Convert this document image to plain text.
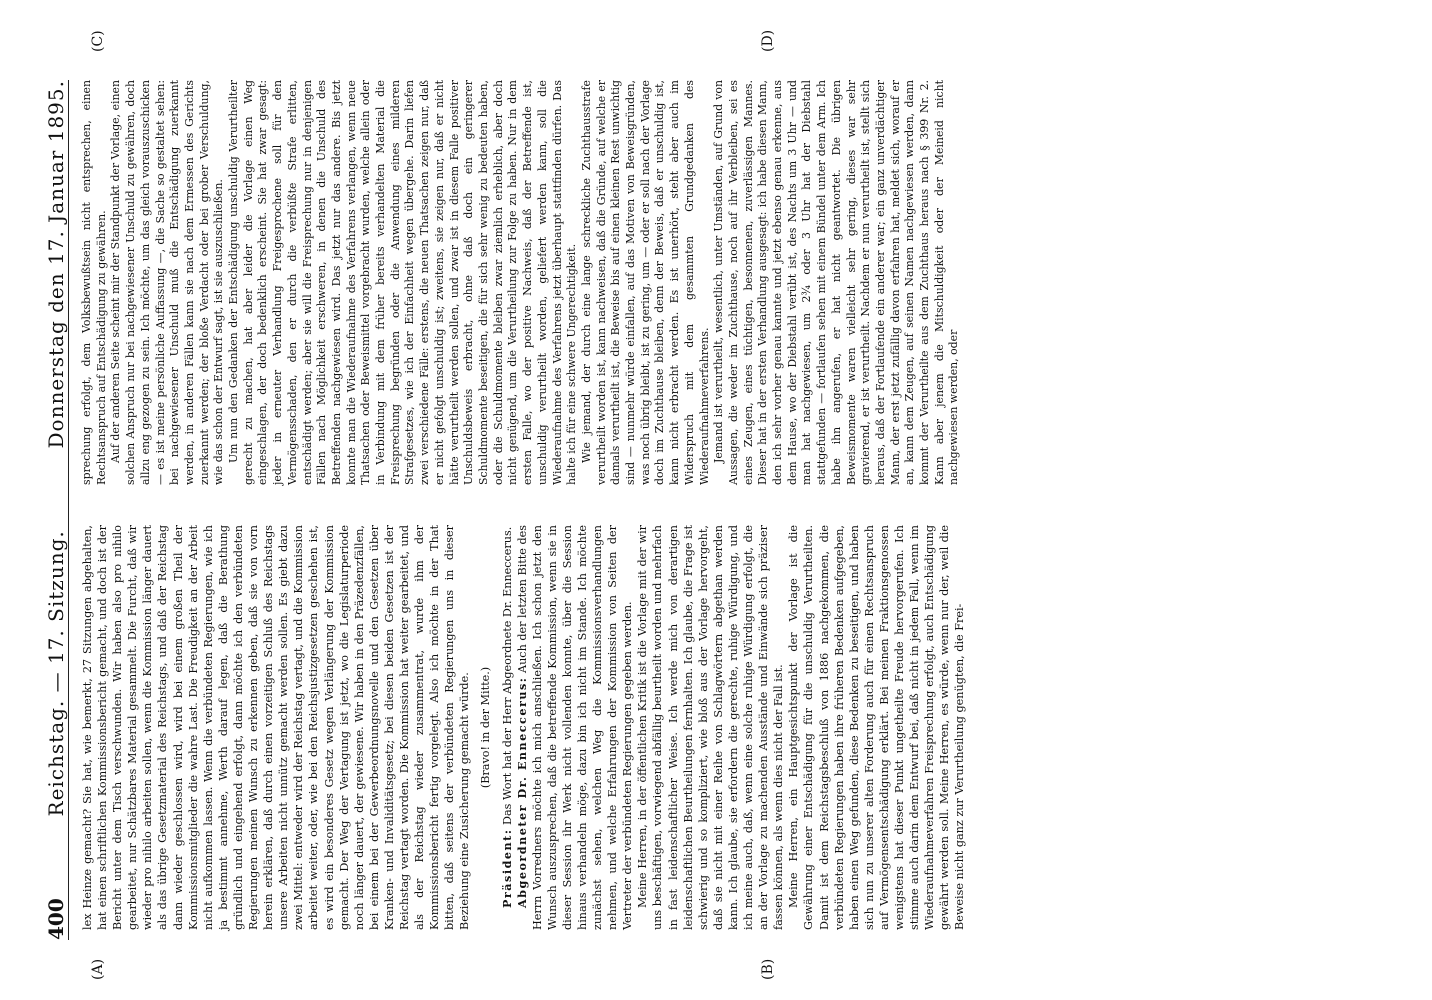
400
Reichstag. — 17. Sitzung.
Donnerstag den 17. Januar 1895.
(A)	(B)
(C)	(D)

lex Heinze gemacht? Sie hat, wie bemerkt, 27 Sitzungen abgehalten, hat einen schriftlichen Kommissionsbericht gemacht, und doch ist der Bericht unter dem Tisch verschwunden. Wir haben also pro nihilo gearbeitet, nur Schätzbares Material gesammelt. Die Furcht, daß wir wieder pro nihilo arbeiten sollen, wenn die Kommission länger dauert als das übrige Gesetzmaterial des Reichstags, und daß der Reichstag dann wieder geschlossen wird, wird bei einem großen Theil der Kommissionsmitglieder die wahre Last. Die Freudigkeit an der Arbeit nicht aufkommen lassen. Wenn die verbündeten Regierungen, wie ich ja bestimmt annehme, Werth darauf legen, daß die Berathung gründlich und eingehend erfolgt, dann möchte ich den verbündeten Regierungen meinen Wunsch zu erkennen geben, daß sie von vorn herein erklären, daß durch einen vorzeitigen Schluß des Reichstags unsere Arbeiten nicht unnütz gemacht werden sollen. Es giebt dazu zwei Mittel: entweder wird der Reichstag vertagt, und die Kommission arbeitet weiter, oder, wie bei den Reichsjustizgesetzen geschehen ist, es wird ein besonderes Gesetz wegen Verlängerung der Kommission gemacht. Der Weg der Vertagung ist jetzt, wo die Legislaturperiode noch länger dauert, der gewiesene. Wir haben in den Präzedenzfällen, bei einem bei der Gewerbeordnungsnovelle und den Gesetzen über Kranken- und Invaliditätsgesetz; bei diesen beiden Gesetzen ist der Reichstag vertagt worden. Die Kommission hat weiter gearbeitet, und als der Reichstag wieder zusammentrat, wurde ihm der Kommissionsbericht fertig vorgelegt. Also ich möchte in der That bitten, daß seitens der verbündeten Regierungen uns in dieser Beziehung eine Zusicherung gemacht würde. (Bravo! in der Mitte.)

Präsident: Das Wort hat der Herr Abgeordnete Dr. Enneccerus. Abgeordneter Dr. Enneccerus: Auch der letzten Bitte des Herrn Vorredners möchte ich mich anschließen. Ich schon jetzt den Wunsch auszusprechen, daß die betreffende Kommission, wenn sie in dieser Session ihr Werk nicht vollenden konnte, über die Session hinaus verhandeln möge, dazu bin ich nicht im Stande. Ich möchte zunächst sehen, welchen Weg die Kommissionsverhandlungen nehmen, und welche Erfahrungen der Kommission von Seiten der Vertreter der verbündeten Regierungen gegeben werden. Meine Herren, in der öffentlichen Kritik ist die Vorlage mit der wir uns beschäftigen, vorwiegend abfällig beurtheilt worden und mehrfach in fast leidenschaftlicher Weise. Ich werde mich von derartigen leidenschaftlichen Beurtheilungen fernhalten. Ich glaube, die Frage ist schwierig und so kompliziert, wie bloß aus der Vorlage hervorgeht, daß sie nicht mit einer Reihe von Schlagwörtern abgethan werden kann. Ich glaube, sie erfordern die gerechte, ruhige Würdigung, und ich meine auch, daß, wenn eine solche ruhige Würdigung erfolgt, die an der Vorlage zu machenden Ausstände und Einwände sich präziser fassen können, als wenn dies nicht der Fall ist. Meine Herren, ein Hauptgesichtspunkt der Vorlage ist die Gewährung einer Entschädigung für die unschuldig Verurtheilten. Damit ist dem Reichstagsbeschluß von 1886 nachgekommen, die verbündeten Regierungen haben ihre früheren Bedenken aufgegeben, haben einen Weg gefunden, diese Bedenken zu beseitigen, und haben sich nun zu unserer alten Forderung auch für einen Rechtsanspruch auf Vermögensentschädigung erklärt. Bei meinen Fraktionsgenossen wenigstens hat dieser Punkt ungetheilte Freude hervorgerufen. Ich stimme auch darin dem Entwurf bei, daß nicht in jedem Fall, wenn im Wiederaufnahmeverfahren Freisprechung erfolgt, auch Entschädigung gewährt werden soll. Meine Herren, es würde, wenn nur der, weil die Beweise nicht ganz zur Verurtheilung genügten, die Frei-

sprechung erfolgt, dem Volksbewußtsein nicht entsprechen, einen Rechtsanspruch auf Entschädigung zu gewähren. Auf der anderen Seite scheint mir der Standpunkt der Vorlage, einen solchen Anspruch nur bei nachgewiesener Unschuld zu gewähren, doch allzu eng gezogen zu sein. Ich möchte, um das gleich vorauszuschicken — es ist meine persönliche Auffassung —, die Sache so gestaltet sehen: bei nachgewiesener Unschuld muß die Entschädigung zuerkannt werden, in anderen Fällen kann sie nach dem Ermessen des Gerichts zuerkannt werden; der bloße Verdacht oder bei grober Verschuldung, wie das schon der Entwurf sagt, ist sie auszuschließen. Um nun den Gedanken der Entschädigung unschuldig Verurtheilter gerecht zu machen, hat aber leider die Vorlage einen Weg eingeschlagen, der doch bedenklich erscheint. Sie hat zwar gesagt: jeder in erneuter Verhandlung Freigesprochene soll für den Vermögensschaden, den er durch die verbüßte Strafe erlitten, entschädigt werden; aber sie will die Freisprechung nur in denjenigen Fällen nach Möglichkeit erschweren, in denen die Unschuld des Betreffenden nachgewiesen wird. Das jetzt nur das andere. Bis jetzt konnte man die Wiederaufnahme des Verfahrens verlangen, wenn neue Thatsachen oder Beweismittel vorgebracht wurden, welche allein oder in Verbindung mit dem früher bereits verhandelten Material die Freisprechung begründen oder die Anwendung eines milderen Strafgesetzes, wie ich der Einfachheit wegen übergehe. Darin liefen zwei verschiedene Fälle: erstens, die neuen Thatsachen zeigen nur, daß er nicht gefolgt unschuldig ist; zweitens, sie zeigen nur, daß er nicht hätte verurtheilt werden sollen, und zwar ist in diesem Falle positiver Unschuldsbeweis erbracht, ohne daß doch ein geringerer Schuldmomente beseitigen, die für sich sehr wenig zu bedeuten haben, oder die Schuldmomente bleiben zwar ziemlich erheblich, aber doch nicht genügend, um die Verurtheilung zur Folge zu haben. Nur in dem ersten Falle, wo der positive Nachweis, daß der Betreffende ist, unschuldig verurtheilt worden, geliefert werden kann, soll die Wiederaufnahme des Verfahrens jetzt überhaupt stattfinden dürfen. Das halte ich für eine schwere Ungerechtigkeit. Wie jemand, der durch eine lange schreckliche Zuchthausstrafe verurtheilt worden ist, kann nachweisen, daß die Gründe, auf welche er damals verurtheilt ist, die Beweise bis auf einen kleinen Rest unwichtig sind — nunmehr würde einfallen, auf das Motiven von Beweisgründen, was noch übrig bleibt, ist zu gering, um — oder er soll nach der Vorlage doch im Zuchthause bleiben, denn der Beweis, daß er unschuldig ist, kann nicht erbracht werden. Es ist unerhört, steht aber auch im Widerspruch mit dem gesammten Grundgedanken des Wiederaufnahmeverfahrens. Jemand ist verurtheilt, wesentlich, unter Umständen, auf Grund von Aussagen, die weder im Zuchthause, noch auf ihr Verbleiben, sei es eines Zeugen, eines tüchtigen, besonnenen, zuverlässigen Mannes. Dieser hat in der ersten Verhandlung ausgesagt: ich habe diesen Mann, den ich sehr vorher genau kannte und jetzt ebenso genau erkenne, aus dem Hause, wo der Diebstahl verübt ist, des Nachts um 3 Uhr — und man hat nachgewiesen, um 2¾ oder 3 Uhr hat der Diebstahl stattgefunden — fortlaufen sehen mit einem Bündel unter dem Arm. Ich habe ihn angerufen, er hat nicht geantwortet. Die übrigen Beweismomente waren vielleicht sehr gering, dieses war sehr gravierend, er ist verurtheilt. Nachdem er nun verurtheilt ist, stellt sich heraus, daß der Fortlaufende ein anderer war; ein ganz unverdächtiger Mann, der erst jetzt zufällig davon erfahren hat, meldet sich, worauf er an, kann dem Zeugen, auf seinen Namen nachgewiesen werden, dann kommt der Verurtheilte aus dem Zuchthaus heraus nach § 399 Nr. 2. Kann aber jenem die Mitschuldigkeit oder der Meineid nicht nachgewiesen werden, oder
